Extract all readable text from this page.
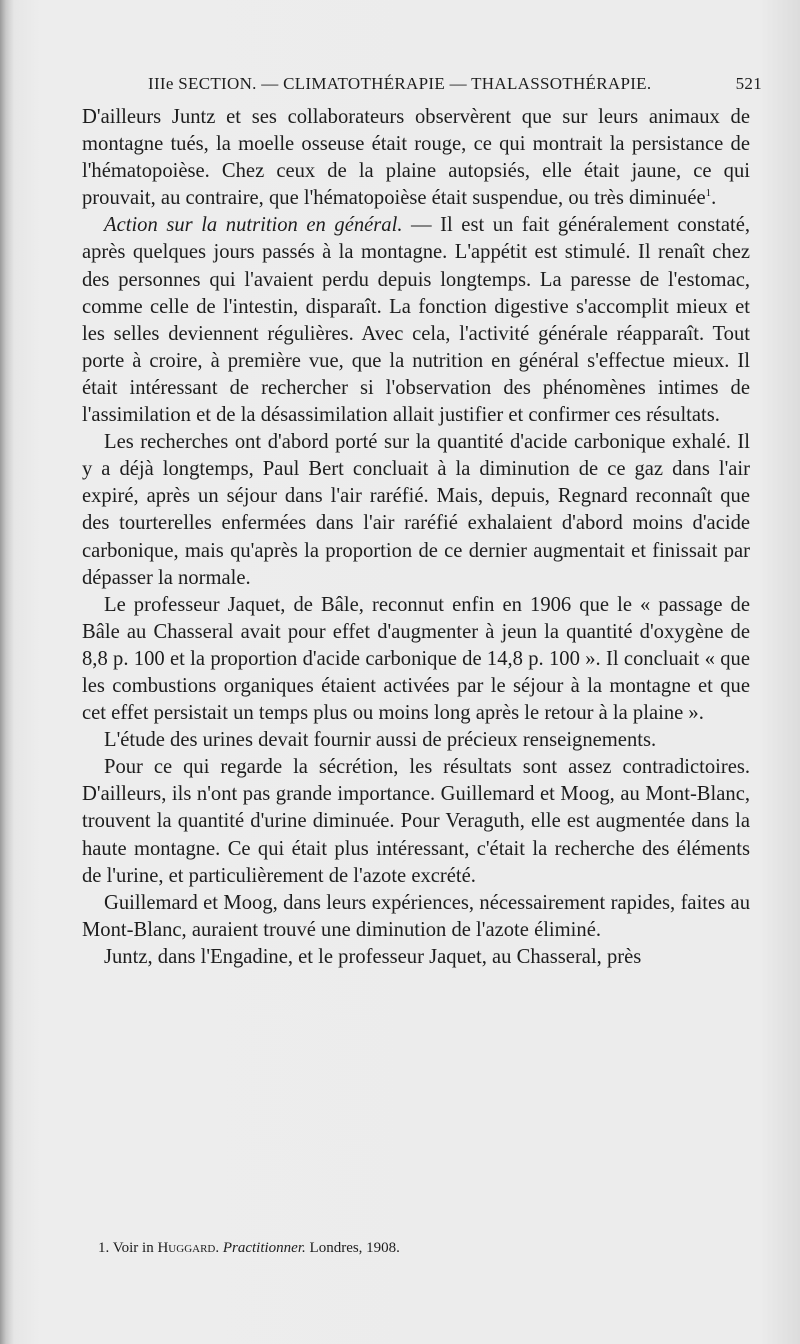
IIIe SECTION. — CLIMATOTHÉRAPIE — THALASSOTHÉRAPIE.	521

D'ailleurs Juntz et ses collaborateurs observèrent que sur leurs animaux de montagne tués, la moelle osseuse était rouge, ce qui montrait la persistance de l'hématopoièse. Chez ceux de la plaine autopsiés, elle était jaune, ce qui prouvait, au contraire, que l'hématopoièse était suspendue, ou très diminuée$^1$.

Action sur la nutrition en général. — Il est un fait généralement constaté, après quelques jours passés à la montagne. L'appétit est stimulé. Il renaît chez des personnes qui l'avaient perdu depuis longtemps. La paresse de l'estomac, comme celle de l'intestin, disparaît. La fonction digestive s'accomplit mieux et les selles deviennent régulières. Avec cela, l'activité générale réapparaît. Tout porte à croire, à première vue, que la nutrition en général s'effectue mieux. Il était intéressant de rechercher si l'observation des phénomènes intimes de l'assimilation et de la désassimilation allait justifier et confirmer ces résultats.

Les recherches ont d'abord porté sur la quantité d'acide carbonique exhalé. Il y a déjà longtemps, Paul Bert concluait à la diminution de ce gaz dans l'air expiré, après un séjour dans l'air raréfié. Mais, depuis, Regnard reconnaît que des tourterelles enfermées dans l'air raréfié exhalaient d'abord moins d'acide carbonique, mais qu'après la proportion de ce dernier augmentait et finissait par dépasser la normale.

Le professeur Jaquet, de Bâle, reconnut enfin en 1906 que le « passage de Bâle au Chasseral avait pour effet d'augmenter à jeun la quantité d'oxygène de 8,8 p. 100 et la proportion d'acide carbonique de 14,8 p. 100 ». Il concluait « que les combustions organiques étaient activées par le séjour à la montagne et que cet effet persistait un temps plus ou moins long après le retour à la plaine ».

L'étude des urines devait fournir aussi de précieux renseignements.

Pour ce qui regarde la sécrétion, les résultats sont assez contradictoires. D'ailleurs, ils n'ont pas grande importance. Guillemard et Moog, au Mont-Blanc, trouvent la quantité d'urine diminuée. Pour Veraguth, elle est augmentée dans la haute montagne. Ce qui était plus intéressant, c'était la recherche des éléments de l'urine, et particulièrement de l'azote excrété.

Guillemard et Moog, dans leurs expériences, nécessairement rapides, faites au Mont-Blanc, auraient trouvé une diminution de l'azote éliminé.

Juntz, dans l'Engadine, et le professeur Jaquet, au Chasseral, près

1. Voir in Huggard. Practitionner. Londres, 1908.
